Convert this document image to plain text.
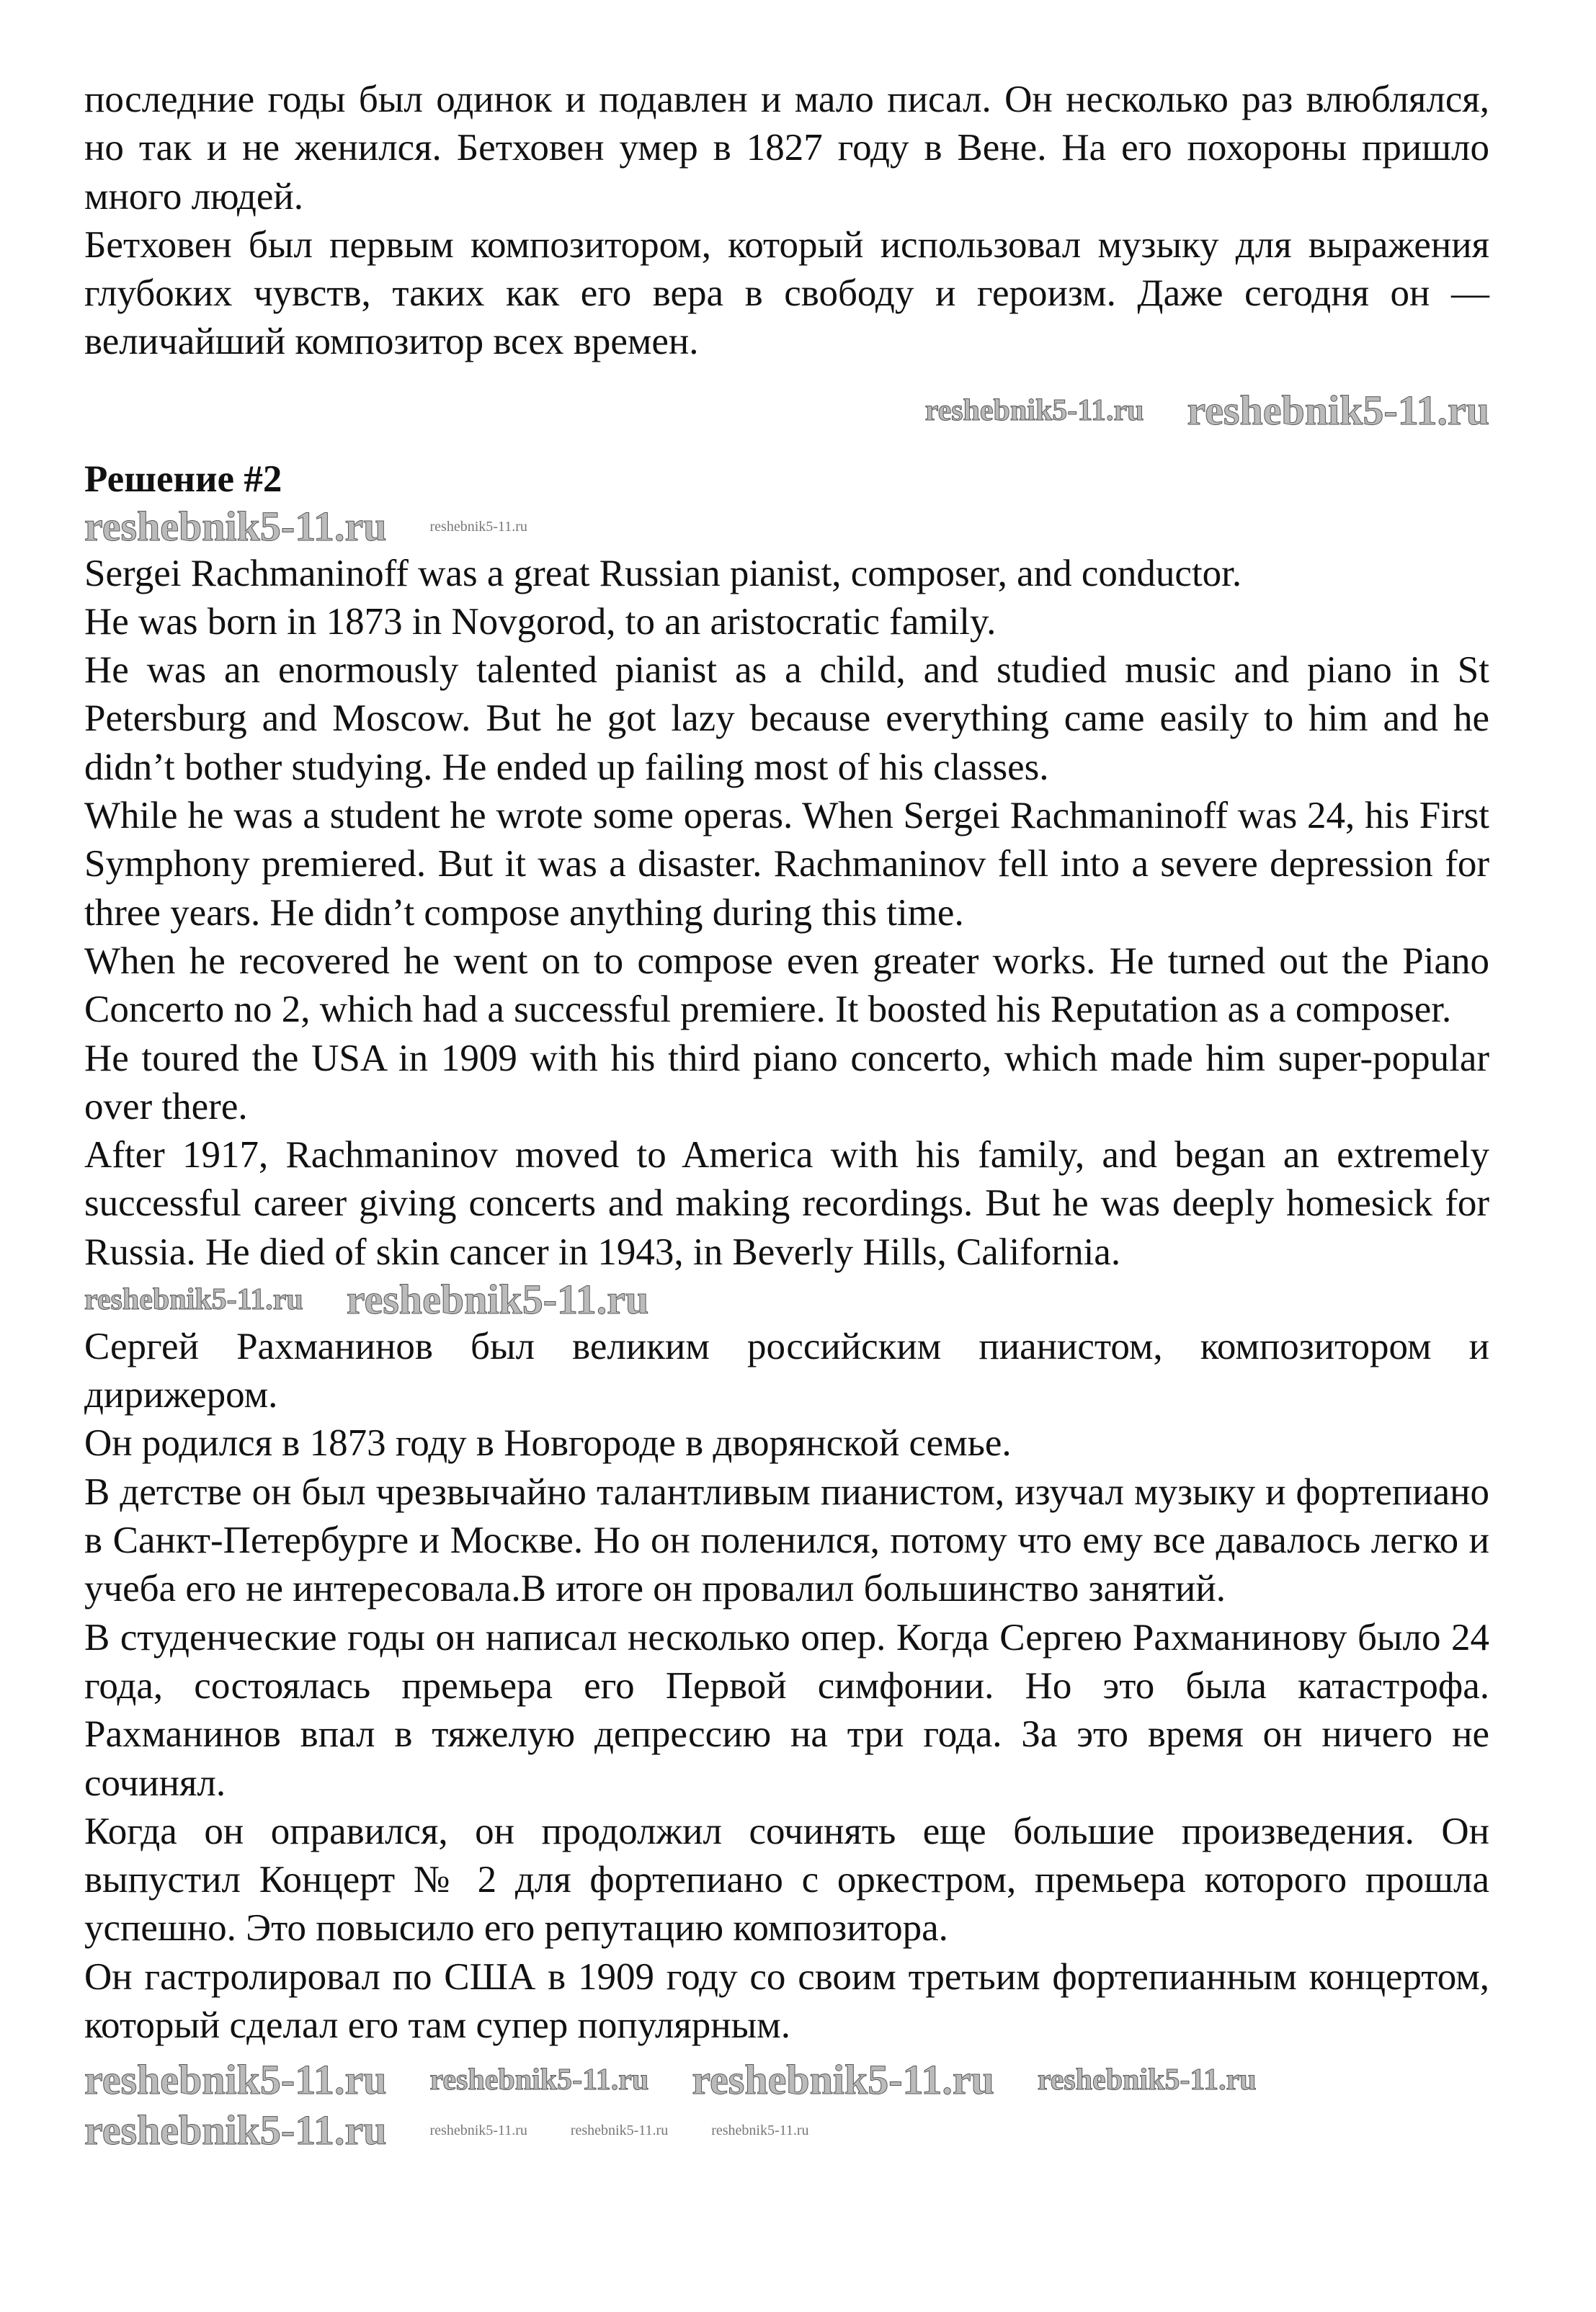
последние годы был одинок и подавлен и мало писал. Он несколько раз влюблялся, но так и не женился. Бетховен умер в 1827 году в Вене. На его похороны пришло много людей.

Бетховен был первым композитором, который использовал музыку для выражения глубоких чувств, таких как его вера в свободу и героизм. Даже сегодня он — величайший композитор всех времен.

reshebnik5-11.ru reshebnik5-11.ru

Решение #2

reshebnik5-11.ru	reshebnik5-11.ru

Sergei Rachmaninoff was a great Russian pianist, composer, and conductor.

He was born in 1873 in Novgorod, to an aristocratic family.

He was an enormously talented pianist as a child, and studied music and piano in St Petersburg and Moscow. But he got lazy because everything came easily to him and he didn’t bother studying. He ended up failing most of his classes.

While he was a student he wrote some operas. When Sergei Rachmaninoff was 24, his First Symphony premiered. But it was a disaster. Rachmaninov fell into a severe depression for three years. He didn’t compose anything during this time.

When he recovered he went on to compose even greater works. He turned out the Piano Concerto no 2, which had a successful premiere. It boosted his Reputation as a composer.

He toured the USA in 1909 with his third piano concerto, which made him super-popular over there.

After 1917, Rachmaninov moved to America with his family, and began an extremely successful career giving concerts and making recordings. But he was deeply homesick for Russia. He died of skin cancer in 1943, in Beverly Hills, California.

reshebnik5-11.ru reshebnik5-11.ru

Сергей Рахманинов был великим российским пианистом, композитором и дирижером.

Он родился в 1873 году в Новгороде в дворянской семье.

В детстве он был чрезвычайно талантливым пианистом, изучал музыку и фортепиано в Санкт-Петербурге и Москве. Но он поленился, потому что ему все давалось легко и учеба его не интересовала.В итоге он провалил большинство занятий.

В студенческие годы он написал несколько опер. Когда Сергею Рахманинову было 24 года, состоялась премьера его Первой симфонии. Но это была катастрофа. Рахманинов впал в тяжелую депрессию на три года. За это время он ничего не сочинял.

Когда он оправился, он продолжил сочинять еще большие произведения. Он выпустил Концерт № 2 для фортепиано с оркестром, премьера которого прошла успешно. Это повысило его репутацию композитора.

Он гастролировал по США в 1909 году со своим третьим фортепианным концертом, который сделал его там супер популярным.

reshebnik5-11.ru reshebnik5-11.ru reshebnik5-11.ru reshebnik5-11.ru
reshebnik5-11.ru	reshebnik5-11.ru	reshebnik5-11.ru	reshebnik5-11.ru
